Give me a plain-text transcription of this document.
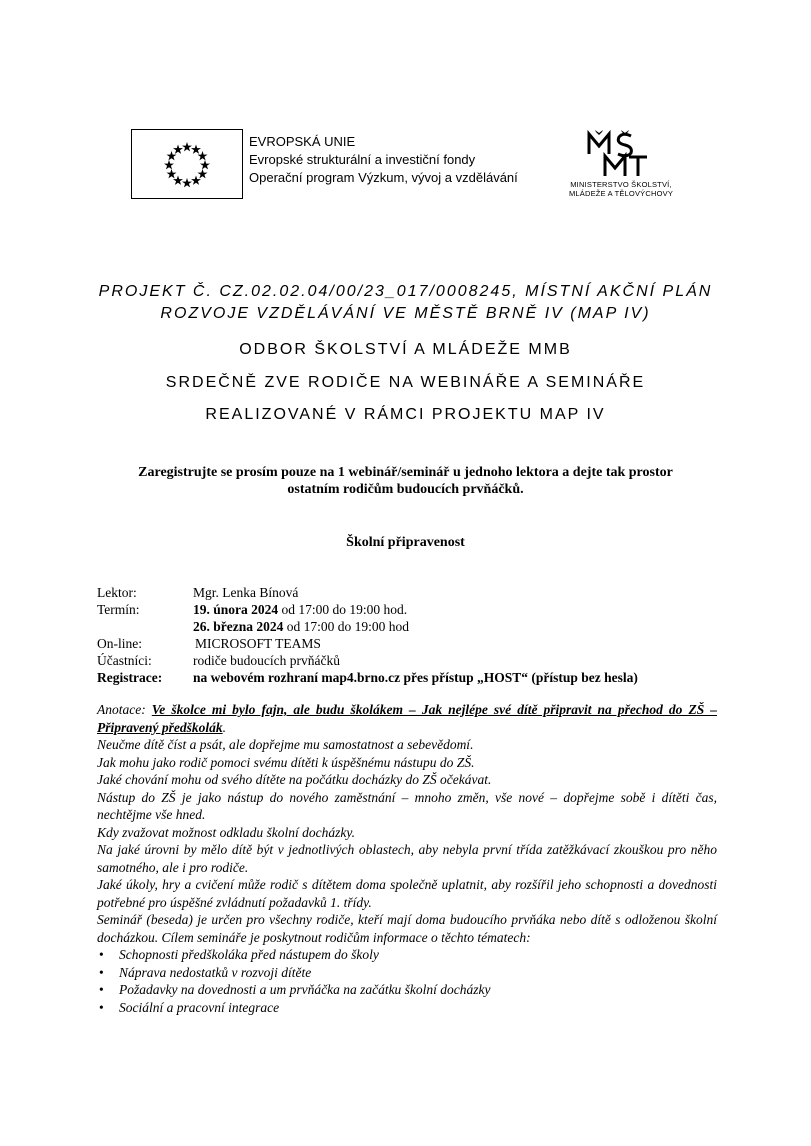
EVROPSKÁ UNIE
Evropské strukturální a investiční fondy
Operační program Výzkum, vývoj a vzdělávání	MINISTERSTVO ŠKOLSTVÍ,
MLÁDEŽE A TĚLOVÝCHOVY
PROJEKT Č. CZ.02.02.04/00/23_017/0008245, MÍSTNÍ AKČNÍ PLÁN
ROZVOJE VZDĚLÁVÁNÍ VE MĚSTĚ BRNĚ IV (MAP IV)
ODBOR ŠKOLSTVÍ A MLÁDEŽE MMB
SRDEČNĚ ZVE RODIČE NA WEBINÁŘE A SEMINÁŘE
REALIZOVANÉ V RÁMCI PROJEKTU MAP IV
Zaregistrujte se prosím pouze na 1 webinář/seminář u jednoho lektora a dejte tak prostor
ostatním rodičům budoucích prvňáčků.
Školní připravenost
Lektor:	Mgr. Lenka Bínová
Termín:	19. února 2024 od 17:00 do 19:00 hod.
26. března 2024 od 17:00 do 19:00 hod
On-line:	MICROSOFT TEAMS
Účastníci:	rodiče budoucích prvňáčků
Registrace: na webovém rozhraní map4.brno.cz přes přístup „HOST“ (přístup bez hesla)

Anotace: Ve školce mi bylo fajn, ale budu školákem – Jak nejlépe své dítě připravit na přechod do ZŠ – Připravený předškolák.

Neučme dítě číst a psát, ale dopřejme mu samostatnost a sebevědomí.

Jak mohu jako rodič pomoci svému dítěti k úspěšnému nástupu do ZŠ.

Jaké chování mohu od svého dítěte na počátku docházky do ZŠ očekávat.

Nástup do ZŠ je jako nástup do nového zaměstnání – mnoho změn, vše nové – dopřejme sobě i dítěti čas, nechtějme vše hned.

Kdy zvažovat možnost odkladu školní docházky.

Na jaké úrovni by mělo dítě být v jednotlivých oblastech, aby nebyla první třída zatěžkávací zkouškou pro něho samotného, ale i pro rodiče.

Jaké úkoly, hry a cvičení může rodič s dítětem doma společně uplatnit, aby rozšířil jeho schopnosti a dovednosti potřebné pro úspěšné zvládnutí požadavků 1. třídy.

Seminář (beseda) je určen pro všechny rodiče, kteří mají doma budoucího prvňáka nebo dítě s odloženou školní docházkou. Cílem semináře je poskytnout rodičům informace o těchto tématech:

• Schopnosti předškoláka před nástupem do školy
• Náprava nedostatků v rozvoji dítěte
• Požadavky na dovednosti a um prvňáčka na začátku školní docházky
• Sociální a pracovní integrace
